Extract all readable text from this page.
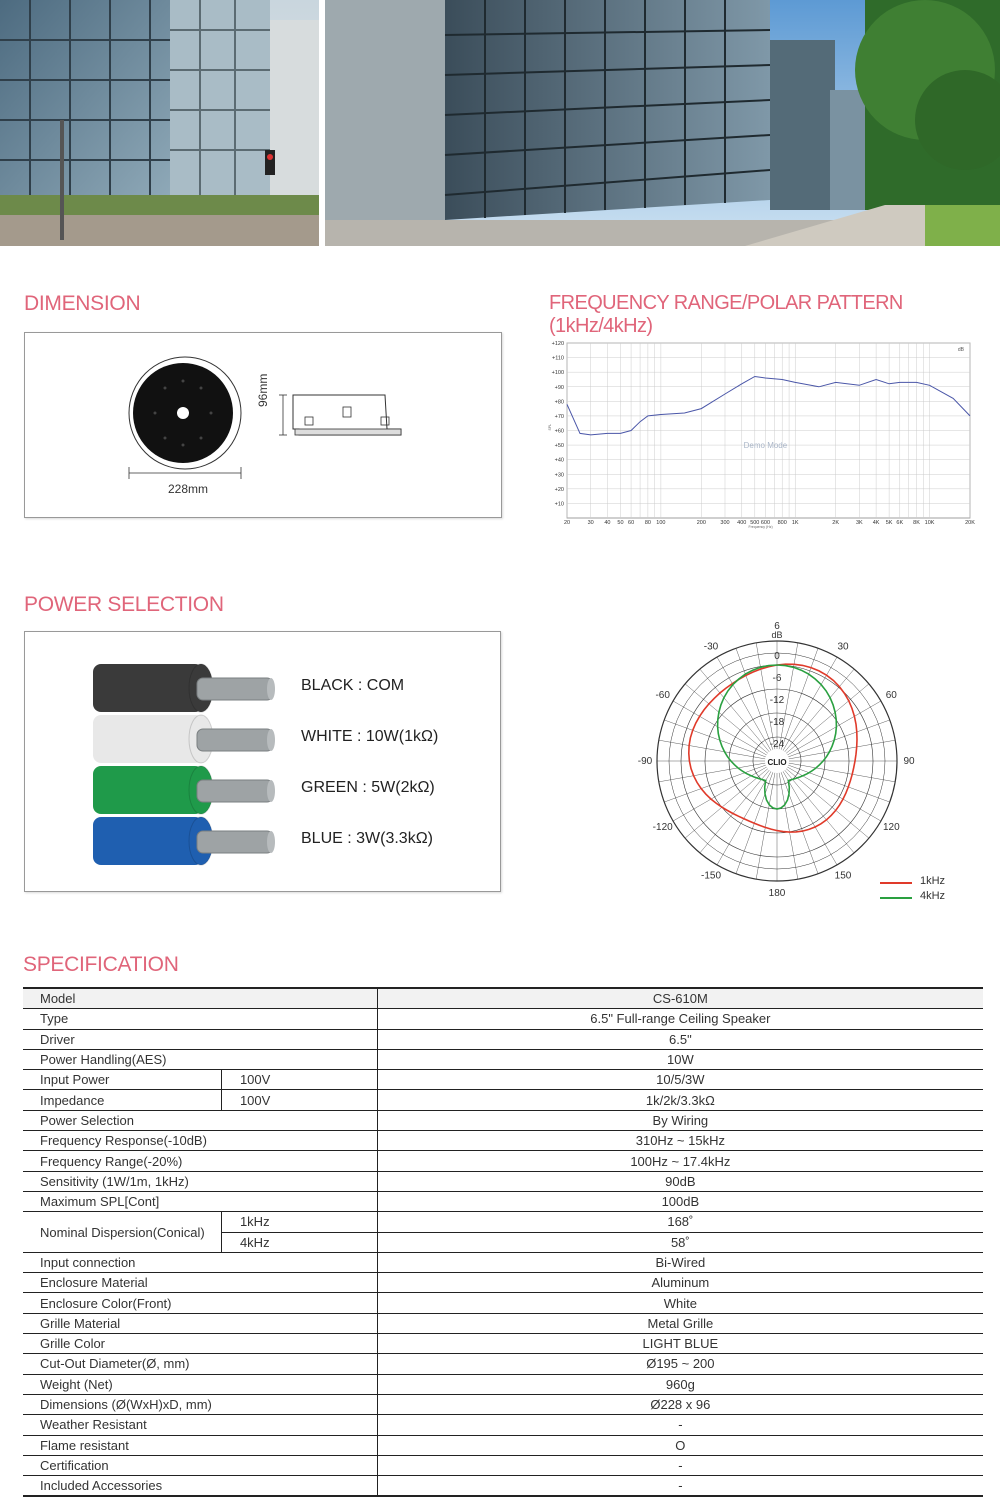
DIMENSION
228mm
96mm
FREQUENCY RANGE/POLAR PATTERN (1kHz/4kHz)
+120
+110
+100
+90
+80
+70
+60
+50
+40
+30
+20
+10
20	30 40 50 60 80 100	200	300 400 500 600 800 1K	2K	3K 4K 5K 6K 8K 10K	20K
Frequency (Hz)
SPL
Demo Mode
dB
POWER SELECTION
BLACK : COM
WHITE : 10W(1kΩ)
GREEN : 5W(2kΩ)
BLUE : 3W(3.3kΩ)
30
60
90
120
150
180
-150
-120
-90
-60
-30
6
0
-6
-12
-18
-24
dB
CLIO
1kHz
4kHz
SPECIFICATION
Model		CS-610M
Type		6.5" Full-range Ceiling Speaker
Driver		6.5"
Power Handling(AES)		10W
Input Power	100V	10/5/3W
Impedance	100V	1k/2k/3.3kΩ
Power Selection		By Wiring
Frequency Response(-10dB)		310Hz ~ 15kHz
Frequency Range(-20%)		100Hz ~ 17.4kHz
Sensitivity (1W/1m, 1kHz)		90dB
Maximum SPL[Cont]		100dB
Nominal Dispersion(Conical)	1kHz	168˚
	4kHz	58˚
Input connection		Bi-Wired
Enclosure Material		Aluminum
Enclosure Color(Front)		White
Grille Material		Metal Grille
Grille Color		LIGHT BLUE
Cut-Out Diameter(Ø, mm)		Ø195 ~ 200
Weight (Net)		960g
Dimensions (Ø(WxH)xD, mm)		Ø228 x 96
Weather Resistant		-
Flame resistant		O
Certification		-
Included Accessories		-
